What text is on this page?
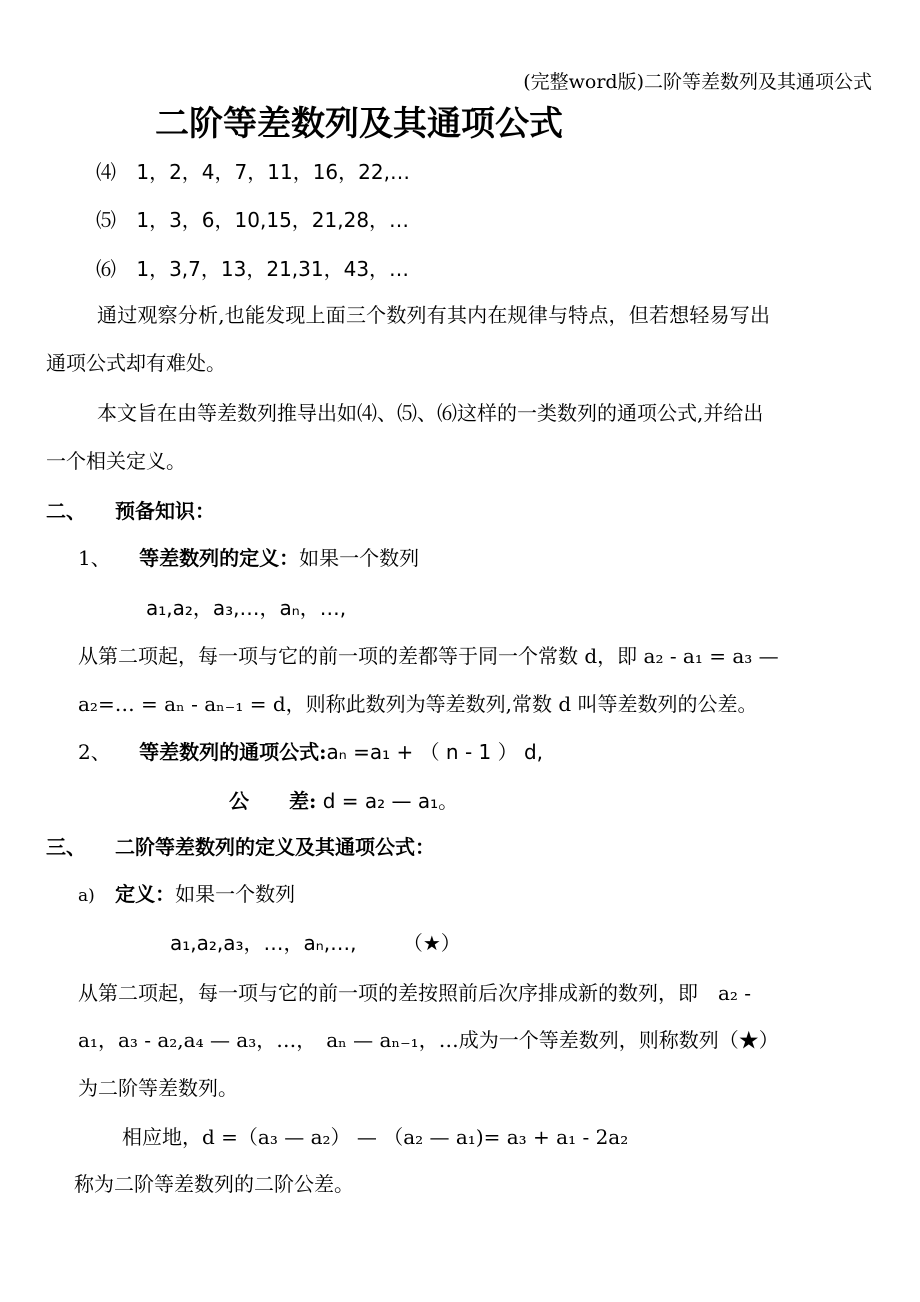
(完整word版)二阶等差数列及其通项公式
二阶等差数列及其通项公式
⑷ 1，2，4，7，11，16，22,…
⑸ 1，3，6，10,15，21,28，…
⑹ 1，3,7，13，21,31，43，…
通过观察分析,也能发现上面三个数列有其内在规律与特点，但若想轻易写出
通项公式却有难处。
本文旨在由等差数列推导出如⑷、⑸、⑹这样的一类数列的通项公式,并给出
一个相关定义。
二、 预备知识：
1、 等差数列的定义：如果一个数列
a₁,a₂，a₃,…，aₙ，…,
从第二项起，每一项与它的前一项的差都等于同一个常数 d，即 a₂ - a₁ = a₃ —
a₂=… = aₙ - aₙ₋₁ = d，则称此数列为等差数列,常数 d 叫等差数列的公差。
2、 等差数列的通项公式:aₙ =a₁ + （ n - 1 ） d,
公　　差: d = a₂ — a₁。
三、 二阶等差数列的定义及其通项公式：
a) 定义：如果一个数列
a₁,a₂,a₃，…，aₙ,…, （★）
从第二项起，每一项与它的前一项的差按照前后次序排成新的数列，即　a₂ -
a₁，a₃ - a₂,a₄ — a₃，…，　aₙ — aₙ₋₁，…成为一个等差数列，则称数列（★）
为二阶等差数列。
相应地，d =（a₃ — a₂） — （a₂ — a₁)= a₃ + a₁ - 2a₂
称为二阶等差数列的二阶公差。
